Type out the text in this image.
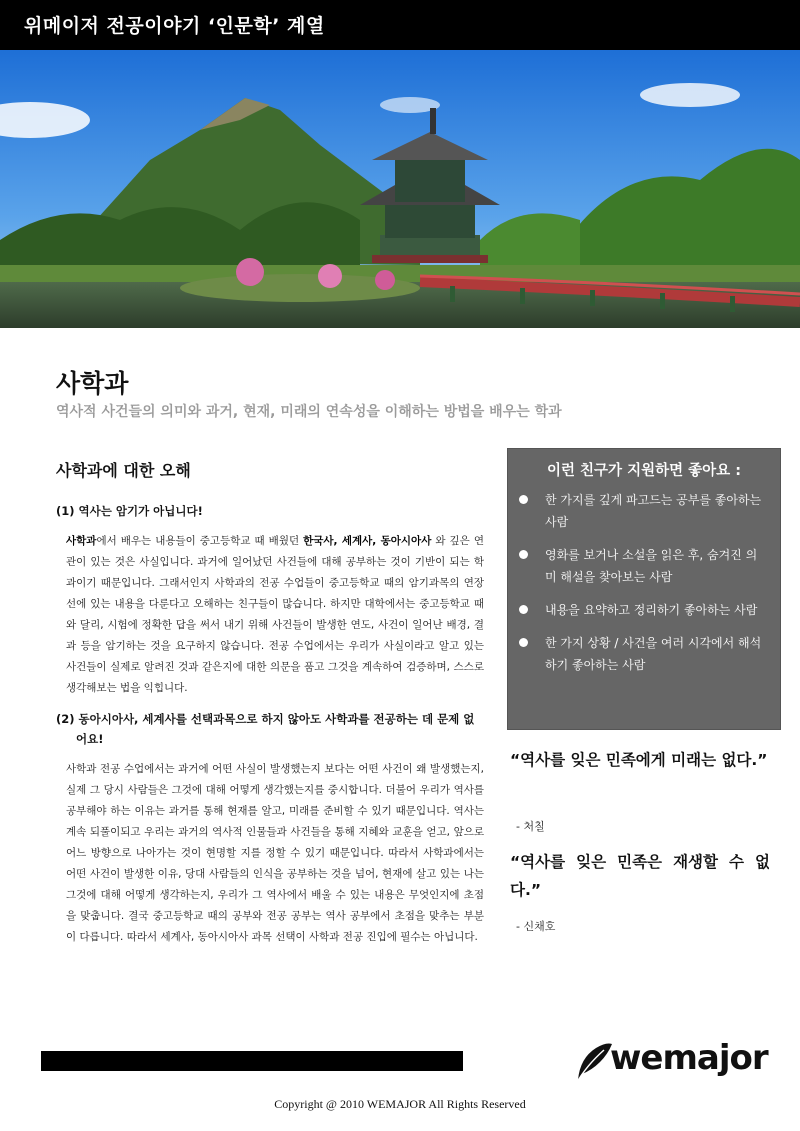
위메이저 전공이야기 ‘인문학’ 계열
사학과
역사적 사건들의 의미와 과거, 현재, 미래의 연속성을 이해하는 방법을 배우는 학과
사학과에 대한 오해
(1) 역사는 암기가 아닙니다!
사학과에서 배우는 내용들이 중고등학교 때 배웠던 한국사, 세계사, 동아시아사 와 깊은 연관이 있는 것은 사실입니다. 과거에 일어났던 사건들에 대해 공부하는 것이 기반이 되는 학과이기 때문입니다. 그래서인지 사학과의 전공 수업들이 중고등학교 때의 암기과목의 연장선에 있는 내용을 다룬다고 오해하는 친구들이 많습니다. 하지만 대학에서는 중고등학교 때와 달리, 시험에 정확한 답을 써서 내기 위해 사건들이 발생한 연도, 사건이 일어난 배경, 결과 등을 암기하는 것을 요구하지 않습니다. 전공 수업에서는 우리가 사실이라고 알고 있는 사건들이 실제로 알려진 것과 같은지에 대한 의문을 품고 그것을 계속하여 검증하며, 스스로 생각해보는 법을 익힙니다.
(2) 동아시아사, 세계사를 선택과목으로 하지 않아도 사학과를 전공하는 데 문제 없어요!
사학과 전공 수업에서는 과거에 어떤 사실이 발생했는지 보다는 어떤 사건이 왜 발생했는지, 실제 그 당시 사람들은 그것에 대해 어떻게 생각했는지를 중시합니다. 더불어 우리가 역사를 공부해야 하는 이유는 과거를 통해 현재를 알고, 미래를 준비할 수 있기 때문입니다. 역사는 계속 되풀이되고 우리는 과거의 역사적 인물들과 사건들을 통해 지혜와 교훈을 얻고, 앞으로 어느 방향으로 나아가는 것이 현명할 지를 정할 수 있기 때문입니다. 따라서 사학과에서는 어떤 사건이 발생한 이유, 당대 사람들의 인식을 공부하는 것을 넘어, 현재에 살고 있는 나는 그것에 대해 어떻게 생각하는지, 우리가 그 역사에서 배울 수 있는 내용은 무엇인지에 초점을 맞춥니다. 결국 중고등학교 때의 공부와 전공 공부는 역사 공부에서 초점을 맞추는 부분이 다릅니다. 따라서 세계사, 동아시아사 과목 선택이 사학과 전공 진입에 필수는 아닙니다.
이런 친구가 지원하면 좋아요 :
한 가지를 깊게 파고드는 공부를 좋아하는 사람
영화를 보거나 소설을 읽은 후, 숨겨진 의미 해설을 찾아보는 사람
내용을 요약하고 정리하기 좋아하는 사람
한 가지 상황 / 사건을 여러 시각에서 해석하기 좋아하는 사람
“역사를 잊은 민족에게 미래는 없다.”
- 처칠
“역사를 잊은 민족은 재생할 수 없다.”
- 신채호
wemajor
Copyright @ 2010 WEMAJOR All Rights Reserved
